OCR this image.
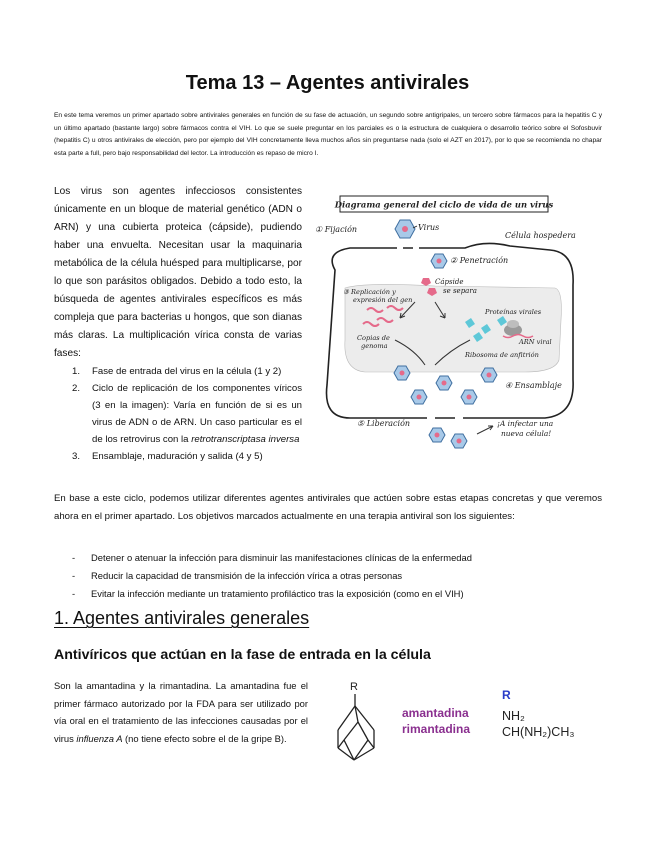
Tema 13 – Agentes antivirales

En este tema veremos un primer apartado sobre antivirales generales en función de su fase de actuación, un segundo sobre antigripales, un tercero sobre fármacos para la hepatitis C y un último apartado (bastante largo) sobre fármacos contra el VIH. Lo que se suele preguntar en los parciales es o la estructura de cualquiera o desarrollo teórico sobre el Sofosbuvir (hepatitis C) u otros antivirales de elección, pero por ejemplo del VIH concretamente lleva muchos años sin preguntarse nada (solo el AZT en 2017), por lo que se recomienda no chapar esta parte a full, pero bajo responsabilidad del lector. La introducción es repaso de micro I.

Los virus son agentes infecciosos consistentes únicamente en un bloque de material genético (ADN o ARN) y una cubierta proteica (cápside), pudiendo haber una envuelta. Necesitan usar la maquinaria metabólica de la célula huésped para multiplicarse, por lo que son parásitos obligados. Debido a todo esto, la búsqueda de agentes antivirales específicos es más compleja que para bacterias u hongos, que son dianas más claras. La multiplicación vírica consta de varias fases:

1. Fase de entrada del virus en la célula (1 y 2)
2. Ciclo de replicación de los componentes víricos (3 en la imagen): Varía en función de si es un virus de ADN o de ARN. Un caso particular es el de los retrovirus con la retrotranscriptasa inversa
3. Ensamblaje, maduración y salida (4 y 5)

En base a este ciclo, podemos utilizar diferentes agentes antivirales que actúen sobre estas etapas concretas y que veremos ahora en el primer apartado. Los objetivos marcados actualmente en una terapia antiviral son los siguientes:

- Detener o atenuar la infección para disminuir las manifestaciones clínicas de la enfermedad
- Reducir la capacidad de transmisión de la infección vírica a otras personas
- Evitar la infección mediante un tratamiento profiláctico tras la exposición (como en el VIH)
1. Agentes antivirales generales
Antivíricos que actúan en la fase de entrada en la célula

Son la amantadina y la rimantadina. La amantadina fue el primer fármaco autorizado por la FDA para ser utilizado por vía oral en el tratamiento de las infecciones causadas por el virus influenza A (no tiene efecto sobre el de la gripe B).

Diagrama general del ciclo de vida de un virus
① Fijación	Virus
Célula hospedera
② Penetración
Cápside
se separa
③ Replicación y
expresión del gen
Proteínas virales
Copias de
genoma	ARN viral
Ribosoma de anfitrión
④ Ensamblaje
⑤ Liberación	¡A infectar una
nueva célula!
R
amantadina
rimantadina
R
NH₂
CH(NH₂)CH₃
